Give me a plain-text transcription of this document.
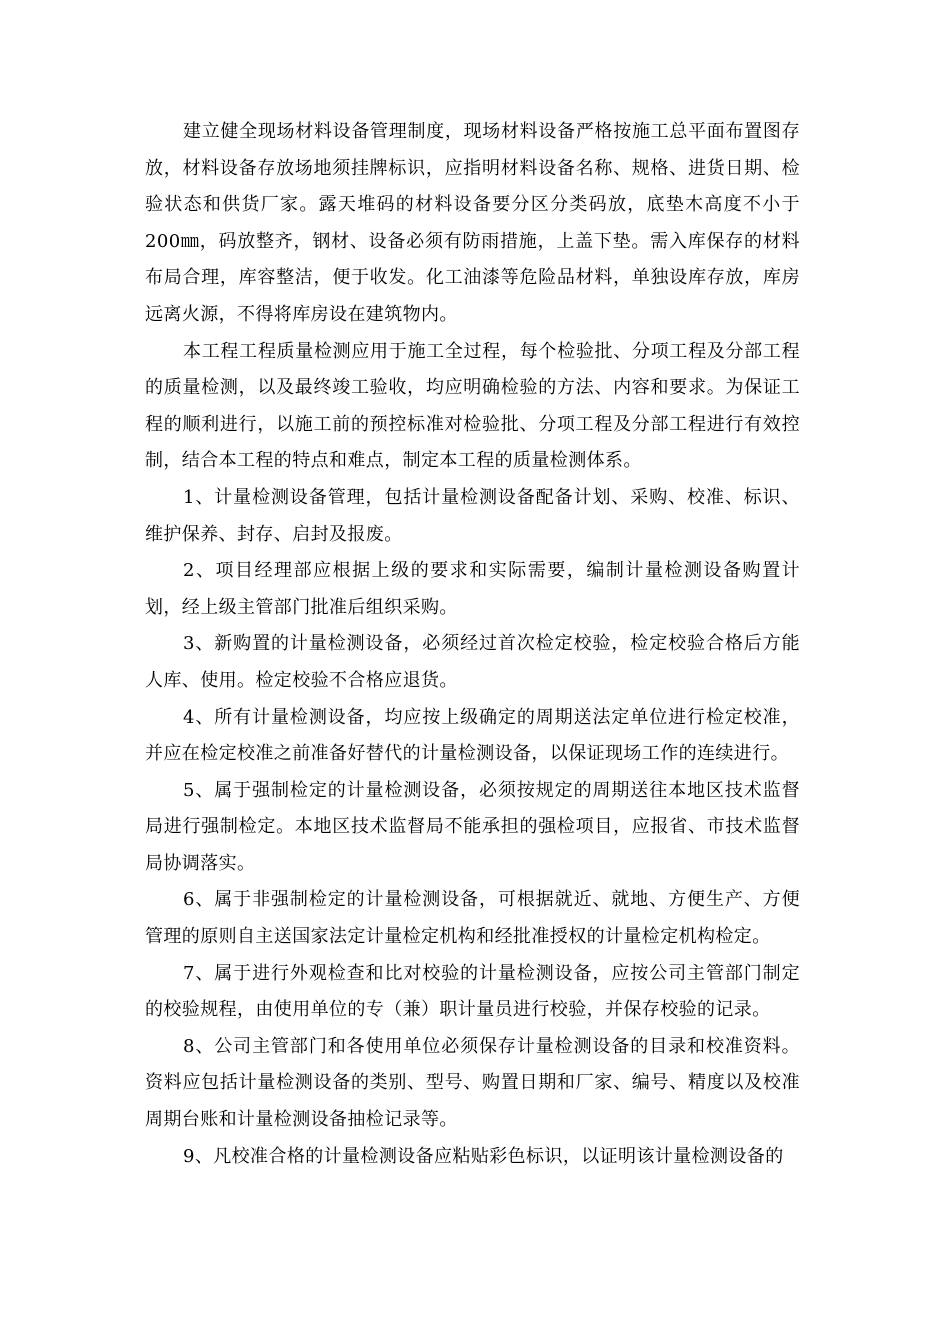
建立健全现场材料设备管理制度，现场材料设备严格按施工总平面布置图存放，材料设备存放场地须挂牌标识，应指明材料设备名称、规格、进货日期、检验状态和供货厂家。露天堆码的材料设备要分区分类码放，底垫木高度不小于200㎜，码放整齐，钢材、设备必须有防雨措施，上盖下垫。需入库保存的材料布局合理，库容整洁，便于收发。化工油漆等危险品材料，单独设库存放，库房远离火源，不得将库房设在建筑物内。

本工程工程质量检测应用于施工全过程，每个检验批、分项工程及分部工程的质量检测，以及最终竣工验收，均应明确检验的方法、内容和要求。为保证工程的顺利进行，以施工前的预控标准对检验批、分项工程及分部工程进行有效控制，结合本工程的特点和难点，制定本工程的质量检测体系。

1、计量检测设备管理，包括计量检测设备配备计划、采购、校准、标识、维护保养、封存、启封及报废。

2、项目经理部应根据上级的要求和实际需要，编制计量检测设备购置计划，经上级主管部门批准后组织采购。

3、新购置的计量检测设备，必须经过首次检定校验，检定校验合格后方能人库、使用。检定校验不合格应退货。

4、所有计量检测设备，均应按上级确定的周期送法定单位进行检定校准，并应在检定校准之前准备好替代的计量检测设备，以保证现场工作的连续进行。

5、属于强制检定的计量检测设备，必须按规定的周期送往本地区技术监督局进行强制检定。本地区技术监督局不能承担的强检项目，应报省、市技术监督局协调落实。

6、属于非强制检定的计量检测设备，可根据就近、就地、方便生产、方便管理的原则自主送国家法定计量检定机构和经批准授权的计量检定机构检定。

7、属于进行外观检查和比对校验的计量检测设备，应按公司主管部门制定的校验规程，由使用单位的专（兼）职计量员进行校验，并保存校验的记录。

8、公司主管部门和各使用单位必须保存计量检测设备的目录和校准资料。资料应包括计量检测设备的类别、型号、购置日期和厂家、编号、精度以及校准周期台账和计量检测设备抽检记录等。

9、凡校准合格的计量检测设备应粘贴彩色标识，以证明该计量检测设备的
